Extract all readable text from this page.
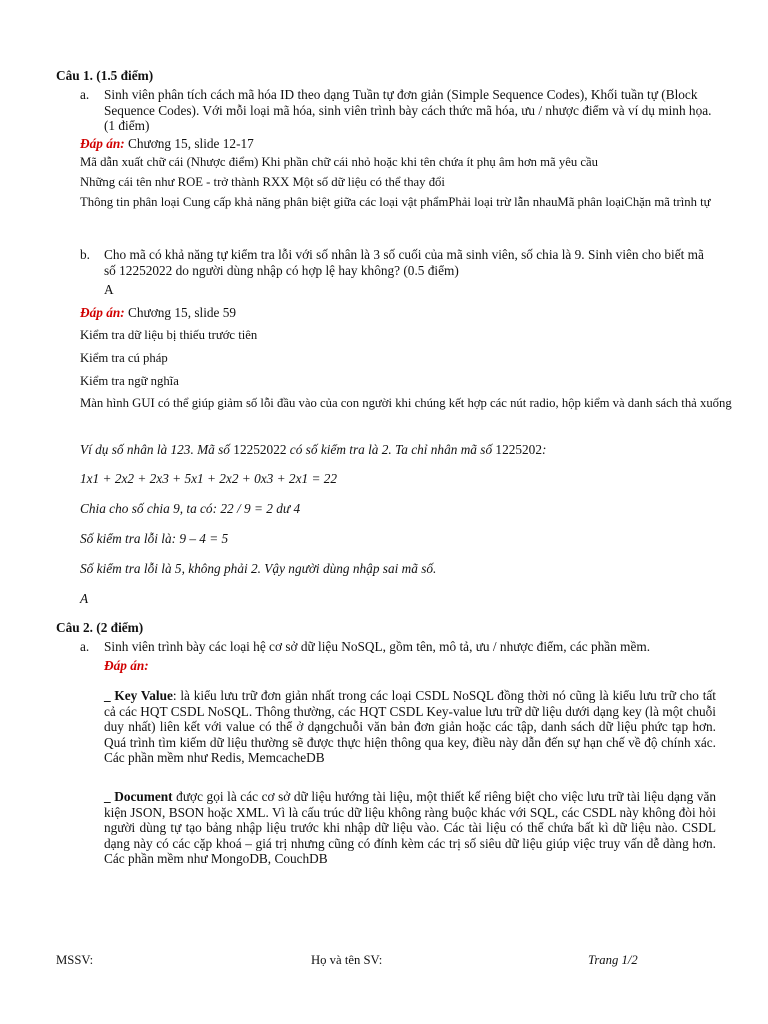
Câu 1. (1.5 điểm)
a. Sinh viên phân tích cách mã hóa ID theo dạng Tuần tự đơn giản (Simple Sequence Codes), Khối tuần tự (Block Sequence Codes). Với mỗi loại mã hóa, sinh viên trình bày cách thức mã hóa, ưu / nhược điểm và ví dụ minh họa. (1 điểm)
Đáp án: Chương 15, slide 12-17
Mã dẫn xuất chữ cái (Nhược điểm) Khi phần chữ cái nhỏ hoặc khi tên chứa ít phụ âm hơn mã yêu cầu
Những cái tên như ROE - trở thành RXX Một số dữ liệu có thể thay đổi
Thông tin phân loại Cung cấp khả năng phân biệt giữa các loại vật phẩmPhải loại trừ lẫn nhauMã phân loạiChặn mã trình tự
b. Cho mã có khả năng tự kiểm tra lỗi với số nhân là 3 số cuối của mã sinh viên, số chia là 9. Sinh viên cho biết mã số 12252022 do người dùng nhập có hợp lệ hay không? (0.5 điểm)
A
Đáp án: Chương 15, slide 59
Kiểm tra dữ liệu bị thiếu trước tiên
Kiểm tra cú pháp
Kiểm tra ngữ nghĩa
Màn hình GUI có thể giúp giảm số lỗi đầu vào của con người khi chúng kết hợp các nút radio, hộp kiểm và danh sách thả xuống
Ví dụ số nhân là 123. Mã số 12252022 có số kiểm tra là 2. Ta chỉ nhân mã số 1225202:
1x1 + 2x2 + 2x3 + 5x1 + 2x2 + 0x3 + 2x1 = 22
Chia cho số chia 9, ta có: 22 / 9 = 2 dư 4
Số kiểm tra lỗi là: 9 – 4 = 5
Số kiểm tra lỗi là 5, không phải 2. Vậy người dùng nhập sai mã số.
A
Câu 2. (2 điểm)
a. Sinh viên trình bày các loại hệ cơ sở dữ liệu NoSQL, gồm tên, mô tả, ưu / nhược điểm, các phần mềm.
Đáp án:
_ Key Value: là kiểu lưu trữ đơn giản nhất trong các loại CSDL NoSQL đồng thời nó cũng là kiểu lưu trữ cho tất cả các HQT CSDL NoSQL. Thông thường, các HQT CSDL Key-value lưu trữ dữ liệu dưới dạng key (là một chuỗi duy nhất) liên kết với value có thể ở dạngchuỗi văn bản đơn giản hoặc các tập, danh sách dữ liệu phức tạp hơn. Quá trình tìm kiếm dữ liệu thường sẽ được thực hiện thông qua key, điều này dẫn đến sự hạn chế về độ chính xác. Các phần mềm như Redis, MemcacheDB
_ Document được gọi là các cơ sở dữ liệu hướng tài liệu, một thiết kế riêng biệt cho việc lưu trữ tài liệu dạng văn kiện JSON, BSON hoặc XML. Vì là cấu trúc dữ liệu không ràng buộc khác với SQL, các CSDL này không đòi hỏi người dùng tự tạo bảng nhập liệu trước khi nhập dữ liệu vào. Các tài liệu có thể chứa bất kì dữ liệu nào. CSDL dạng này có các cặp khoá – giá trị nhưng cũng có đính kèm các trị số siêu dữ liệu giúp việc truy vấn dễ dàng hơn. Các phần mềm như MongoDB, CouchDB
MSSV:	Họ và tên SV:	Trang 1/2
